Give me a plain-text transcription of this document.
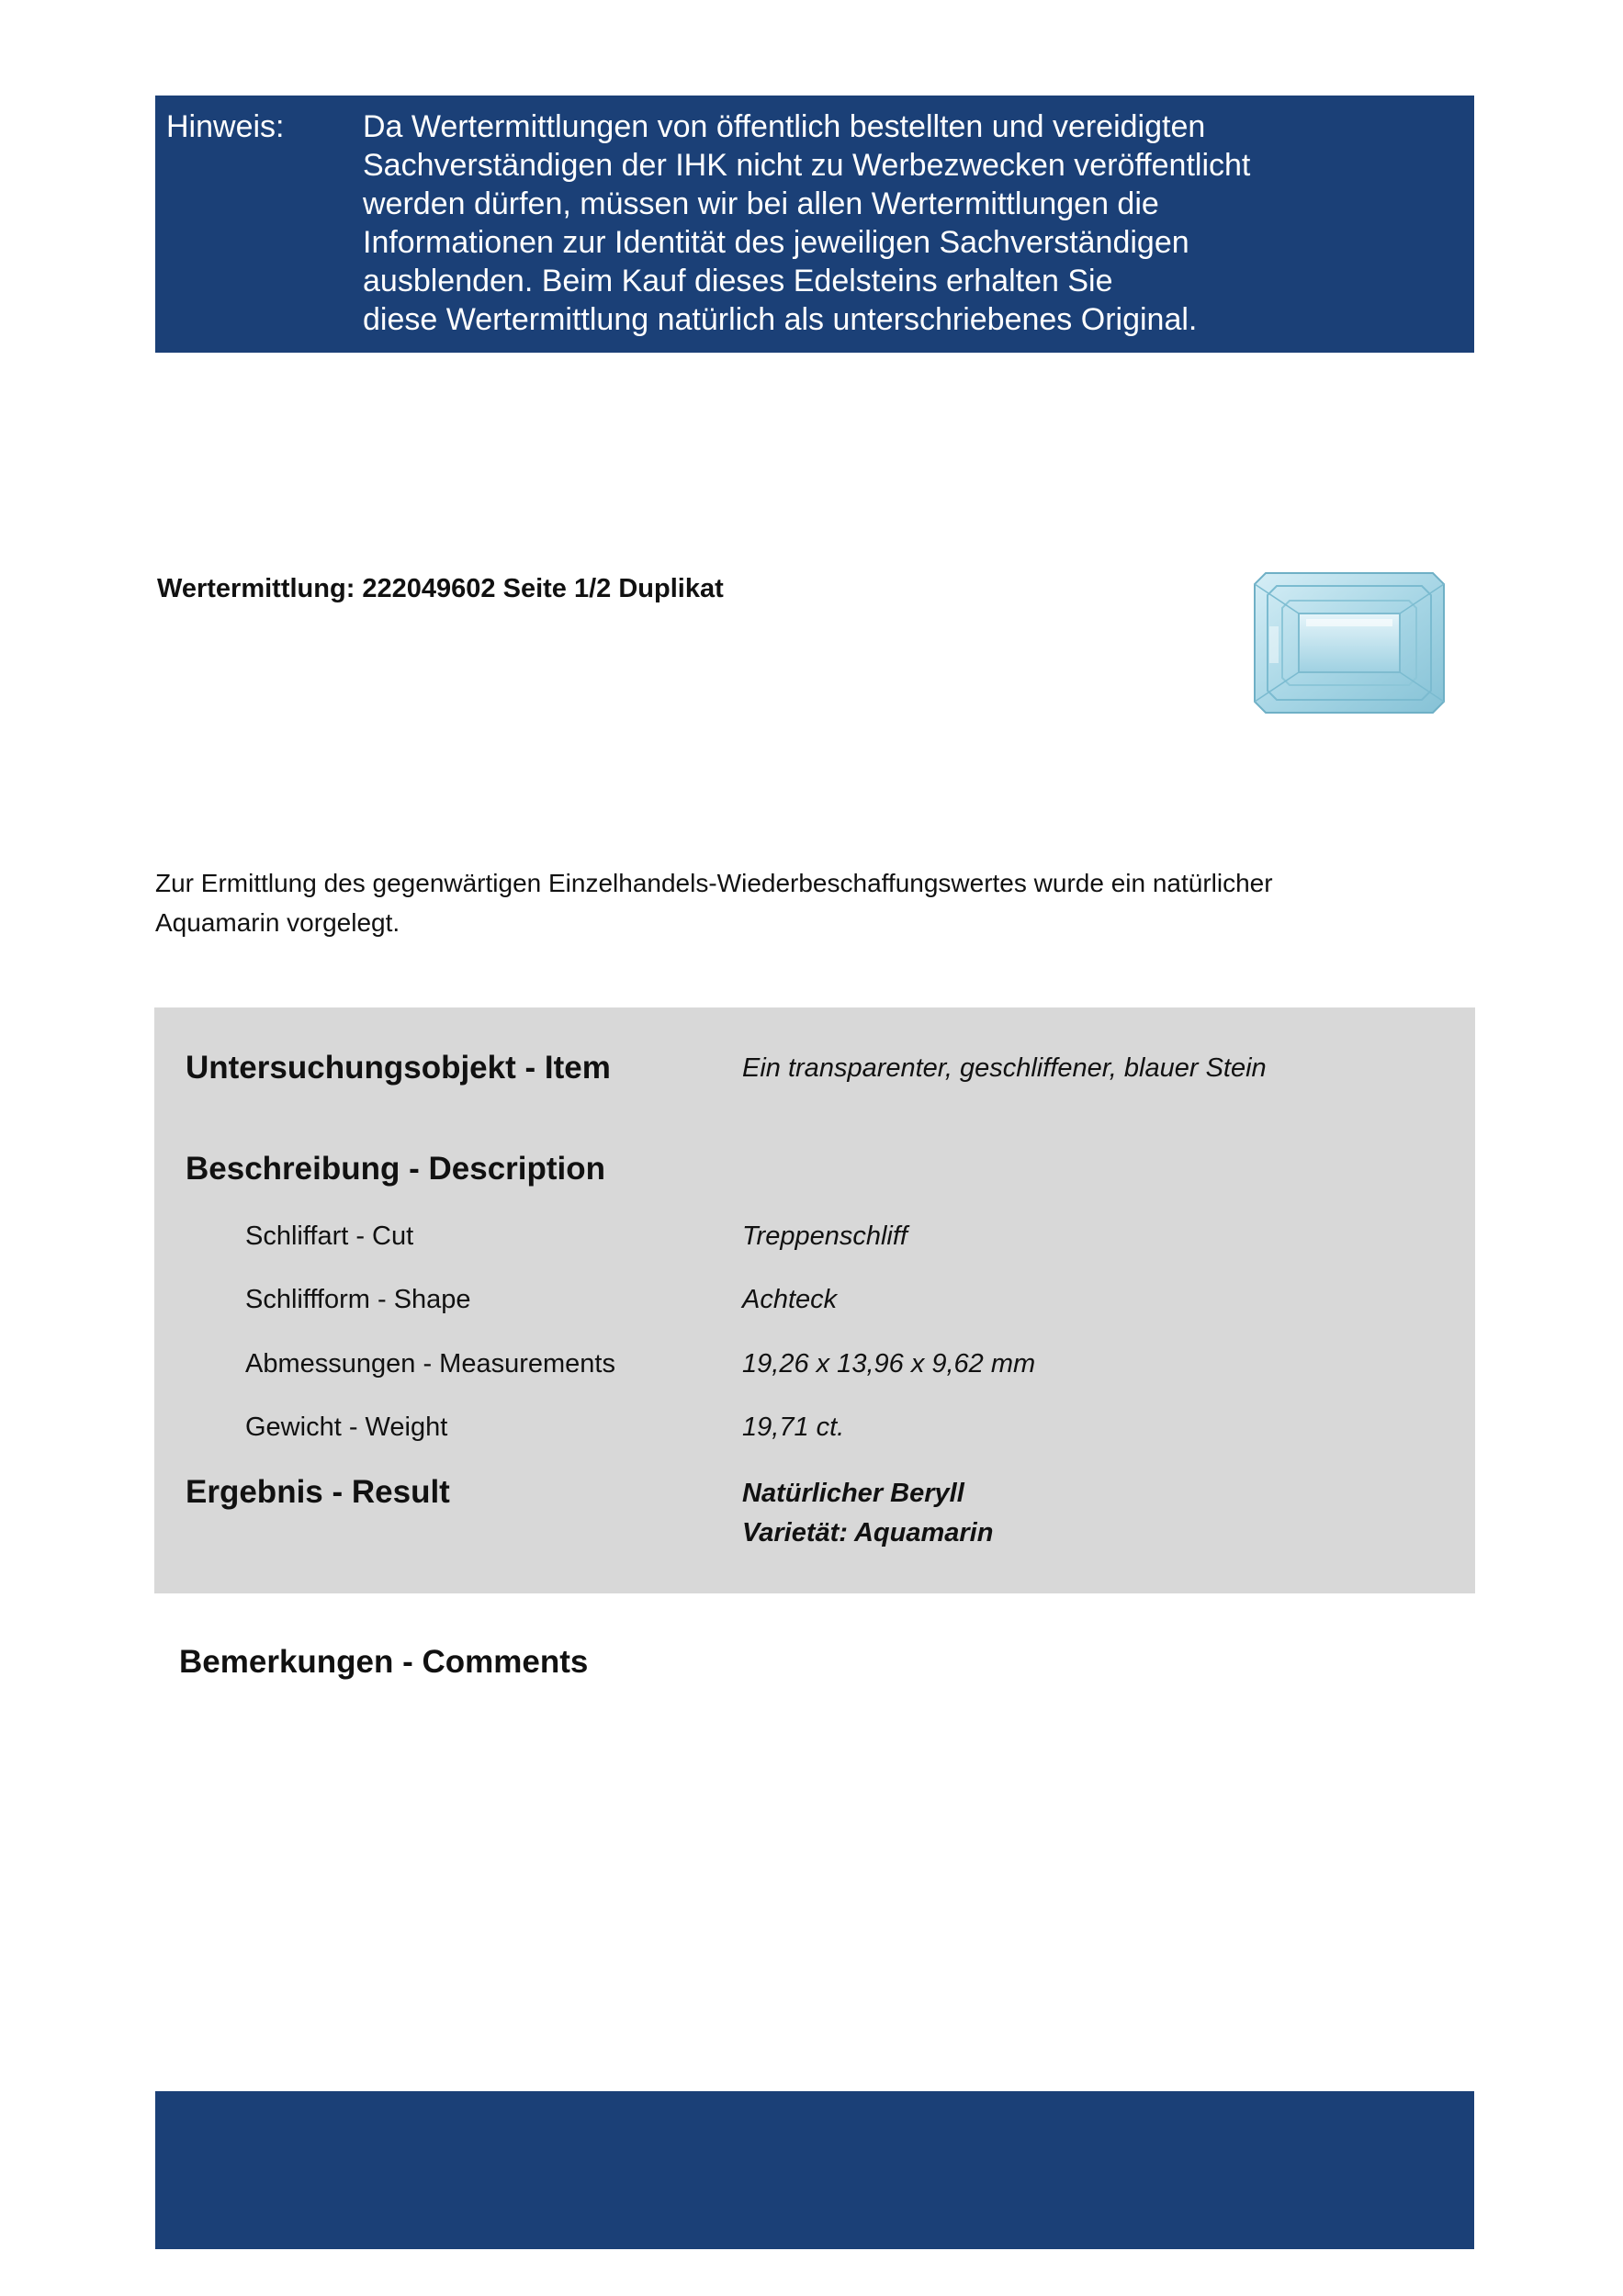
Hinweis:	Da Wertermittlungen von öffentlich bestellten und vereidigten
Sachverständigen der IHK nicht zu Werbezwecken veröffentlicht
werden dürfen, müssen wir bei allen Wertermittlungen die
Informationen zur Identität des jeweiligen Sachverständigen
ausblenden. Beim Kauf dieses Edelsteins erhalten Sie
diese Wertermittlung natürlich als unterschriebenes Original.
Wertermittlung: 222049602 Seite 1/2 Duplikat
Zur Ermittlung des gegenwärtigen Einzelhandels-Wiederbeschaffungswertes wurde ein natürlicher
Aquamarin vorgelegt.
Untersuchungsobjekt - Item	Ein transparenter, geschliffener, blauer Stein
Beschreibung - Description
Schliffart - Cut	Treppenschliff
Schliffform - Shape	Achteck
Abmessungen - Measurements	19,26 x 13,96 x 9,62 mm
Gewicht - Weight	19,71 ct.
Ergebnis - Result	Natürlicher Beryll
Varietät: Aquamarin
Bemerkungen - Comments
